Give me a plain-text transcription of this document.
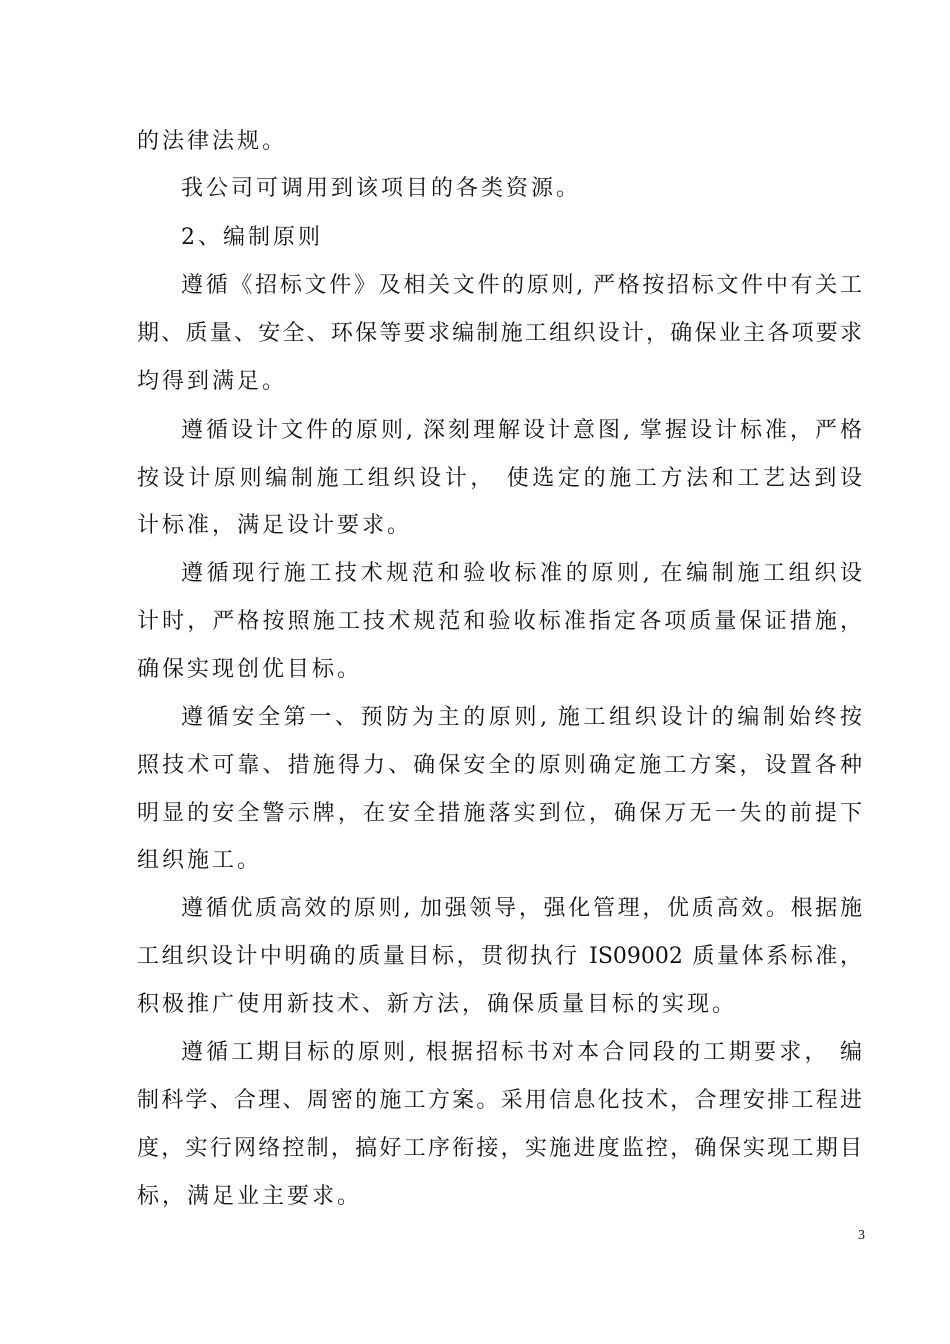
的法律法规。
我公司可调用到该项目的各类资源。
2、编制原则
遵循《招标文件》及相关文件的原则, 严格按招标文件中有关工
期、质量、安全、环保等要求编制施工组织设计，确保业主各项要求
均得到满足。
遵循设计文件的原则, 深刻理解设计意图, 掌握设计标准，严格
按设计原则编制施工组织设计， 使选定的施工方法和工艺达到设
计标准，满足设计要求。
遵循现行施工技术规范和验收标准的原则, 在编制施工组织设
计时，严格按照施工技术规范和验收标准指定各项质量保证措施，
确保实现创优目标。
遵循安全第一、预防为主的原则, 施工组织设计的编制始终按
照技术可靠、措施得力、确保安全的原则确定施工方案，设置各种
明显的安全警示牌，在安全措施落实到位，确保万无一失的前提下
组织施工。
遵循优质高效的原则, 加强领导，强化管理，优质高效。根据施
工组织设计中明确的质量目标，贯彻执行 IS09002 质量体系标准，
积极推广使用新技术、新方法，确保质量目标的实现。
遵循工期目标的原则, 根据招标书对本合同段的工期要求， 编
制科学、合理、周密的施工方案。采用信息化技术，合理安排工程进
度，实行网络控制，搞好工序衔接，实施进度监控，确保实现工期目
标，满足业主要求。
3
